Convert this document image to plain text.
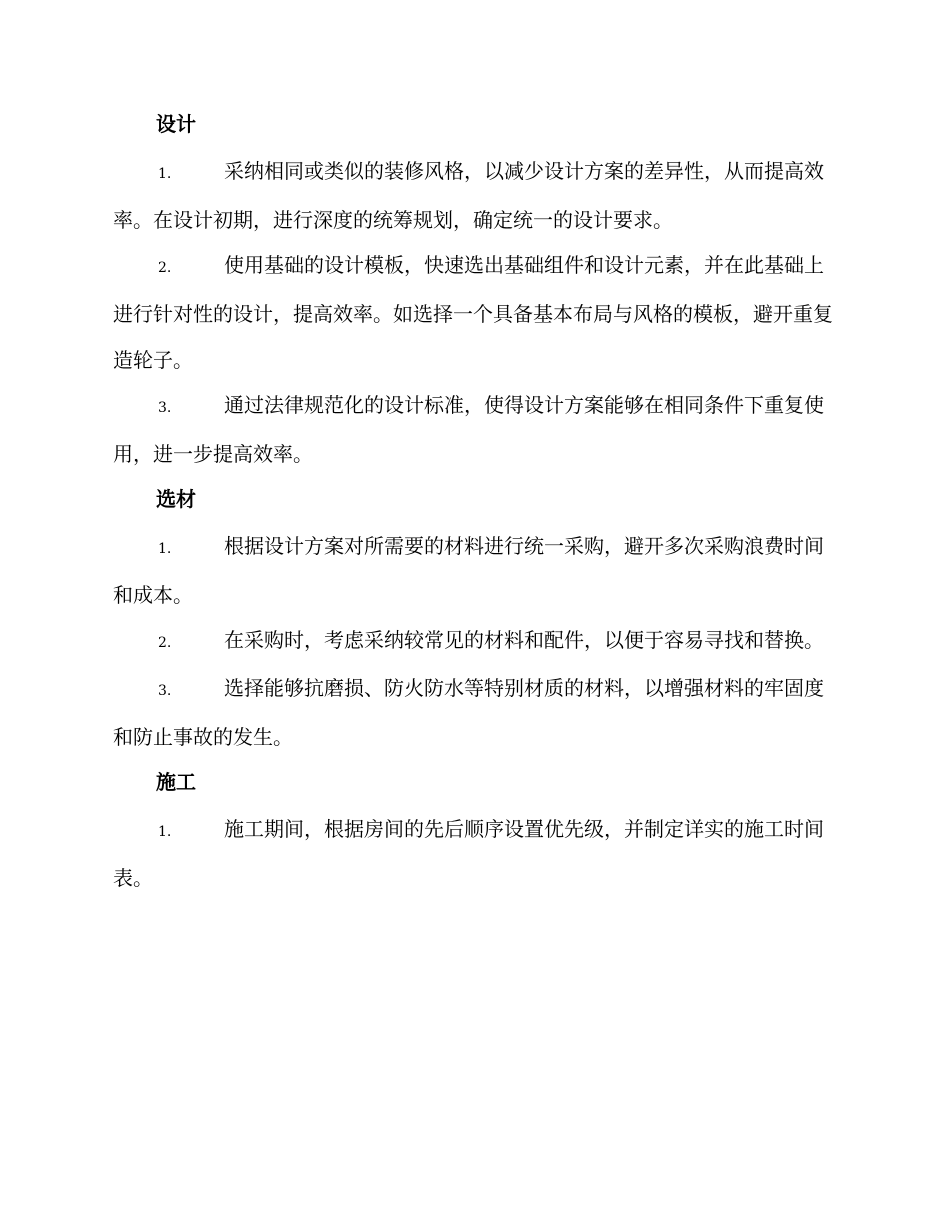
设计

1.	采纳相同或类似的装修风格，以减少设计方案的差异性，从而提高效率。在设计初期，进行深度的统筹规划，确定统一的设计要求。

2.	使用基础的设计模板，快速选出基础组件和设计元素，并在此基础上进行针对性的设计，提高效率。如选择一个具备基本布局与风格的模板，避开重复造轮子。

3.	通过法律规范化的设计标准，使得设计方案能够在相同条件下重复使用，进一步提高效率。

选材

1.	根据设计方案对所需要的材料进行统一采购，避开多次采购浪费时间和成本。

2.	在采购时，考虑采纳较常见的材料和配件，以便于容易寻找和替换。

3.	选择能够抗磨损、防火防水等特别材质的材料，以增强材料的牢固度和防止事故的发生。

施工

1.	施工期间，根据房间的先后顺序设置优先级，并制定详实的施工时间表。
